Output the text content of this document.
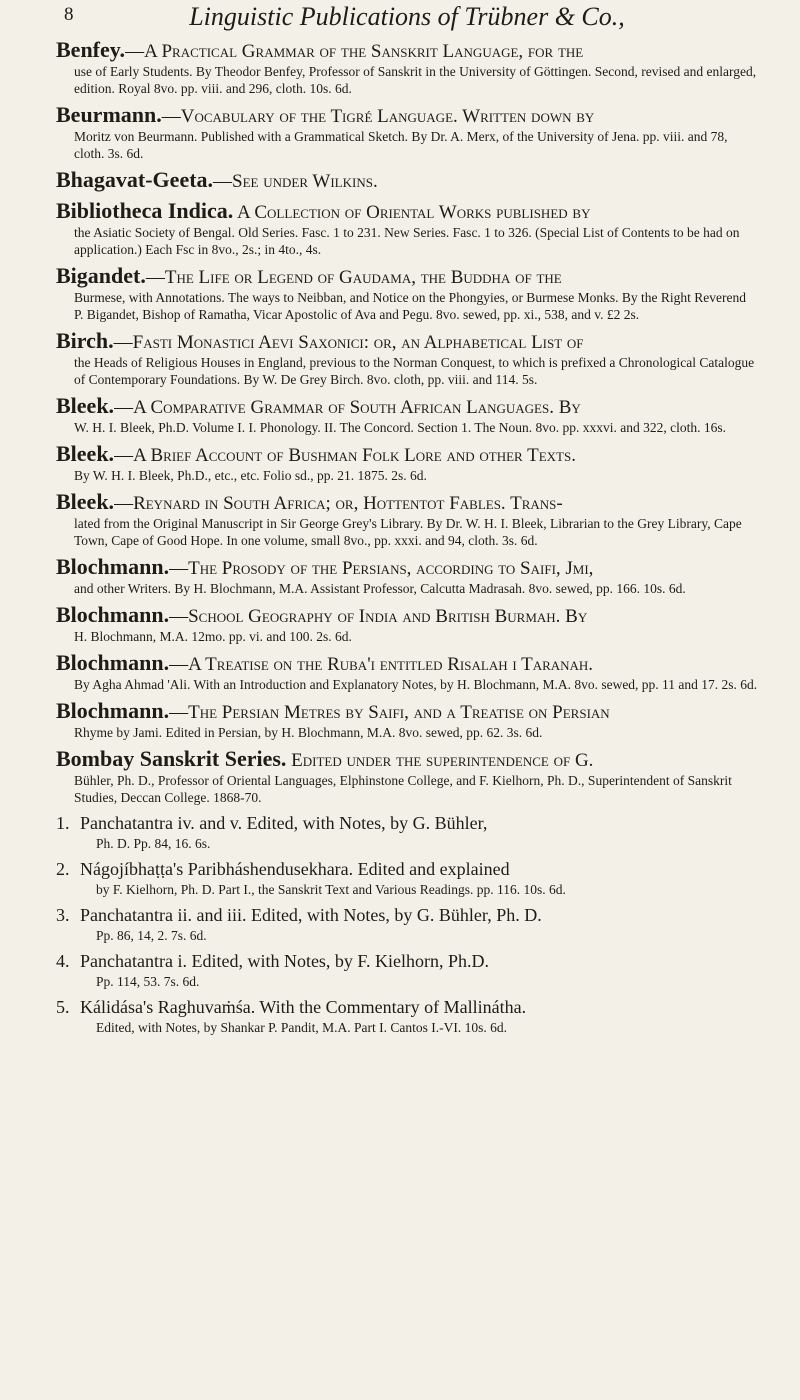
8	Linguistic Publications of Trübner & Co.,
Benfey.—A Practical Grammar of the Sanskrit Language, for the
use of Early Students. By Theodor Benfey, Professor of Sanskrit in the University of Göttingen. Second, revised and enlarged, edition. Royal 8vo. pp. viii. and 296, cloth. 10s. 6d.
Beurmann.—Vocabulary of the Tigré Language. Written down by
Moritz von Beurmann. Published with a Grammatical Sketch. By Dr. A. Merx, of the University of Jena. pp. viii. and 78, cloth. 3s. 6d.
Bhagavat-Geeta.—See under Wilkins.
Bibliotheca Indica. A Collection of Oriental Works published by
the Asiatic Society of Bengal. Old Series. Fasc. 1 to 231. New Series. Fasc. 1 to 326. (Special List of Contents to be had on application.) Each Fsc in 8vo., 2s.; in 4to., 4s.
Bigandet.—The Life or Legend of Gaudama, the Buddha of the
Burmese, with Annotations. The ways to Neibban, and Notice on the Phongyies, or Burmese Monks. By the Right Reverend P. Bigandet, Bishop of Ramatha, Vicar Apostolic of Ava and Pegu. 8vo. sewed, pp. xi., 538, and v. £2 2s.
Birch.—Fasti Monastici Aevi Saxonici: or, an Alphabetical List of
the Heads of Religious Houses in England, previous to the Norman Conquest, to which is prefixed a Chronological Catalogue of Contemporary Foundations. By W. De Grey Birch. 8vo. cloth, pp. viii. and 114. 5s.
Bleek.—A Comparative Grammar of South African Languages. By
W. H. I. Bleek, Ph.D. Volume I. I. Phonology. II. The Concord. Section 1. The Noun. 8vo. pp. xxxvi. and 322, cloth. 16s.
Bleek.—A Brief Account of Bushman Folk Lore and other Texts.
By W. H. I. Bleek, Ph.D., etc., etc. Folio sd., pp. 21. 1875. 2s. 6d.
Bleek.—Reynard in South Africa; or, Hottentot Fables. Trans-
lated from the Original Manuscript in Sir George Grey's Library. By Dr. W. H. I. Bleek, Librarian to the Grey Library, Cape Town, Cape of Good Hope. In one volume, small 8vo., pp. xxxi. and 94, cloth. 3s. 6d.
Blochmann.—The Prosody of the Persians, according to Saifi, Jmi,
and other Writers. By H. Blochmann, M.A. Assistant Professor, Calcutta Madrasah. 8vo. sewed, pp. 166. 10s. 6d.
Blochmann.—School Geography of India and British Burmah. By
H. Blochmann, M.A. 12mo. pp. vi. and 100. 2s. 6d.
Blochmann.—A Treatise on the Ruba'i entitled Risalah i Taranah.
By Agha Ahmad 'Ali. With an Introduction and Explanatory Notes, by H. Blochmann, M.A. 8vo. sewed, pp. 11 and 17. 2s. 6d.
Blochmann.—The Persian Metres by Saifi, and a Treatise on Persian
Rhyme by Jami. Edited in Persian, by H. Blochmann, M.A. 8vo. sewed, pp. 62. 3s. 6d.
Bombay Sanskrit Series. Edited under the superintendence of G.
Bühler, Ph. D., Professor of Oriental Languages, Elphinstone College, and F. Kielhorn, Ph. D., Superintendent of Sanskrit Studies, Deccan College. 1868-70.
1. Panchatantra iv. and v. Edited, with Notes, by G. Bühler,
Ph. D. Pp. 84, 16. 6s.
2. Nágojíbhaṭṭa's Paribháshendusekhara. Edited and explained
by F. Kielhorn, Ph. D. Part I., the Sanskrit Text and Various Readings. pp. 116. 10s. 6d.
3. Panchatantra ii. and iii. Edited, with Notes, by G. Bühler, Ph. D.
Pp. 86, 14, 2. 7s. 6d.
4. Panchatantra i. Edited, with Notes, by F. Kielhorn, Ph.D.
Pp. 114, 53. 7s. 6d.
5. Kálidása's Raghuvaṁśa. With the Commentary of Mallinátha.
Edited, with Notes, by Shankar P. Pandit, M.A. Part I. Cantos I.-VI. 10s. 6d.
